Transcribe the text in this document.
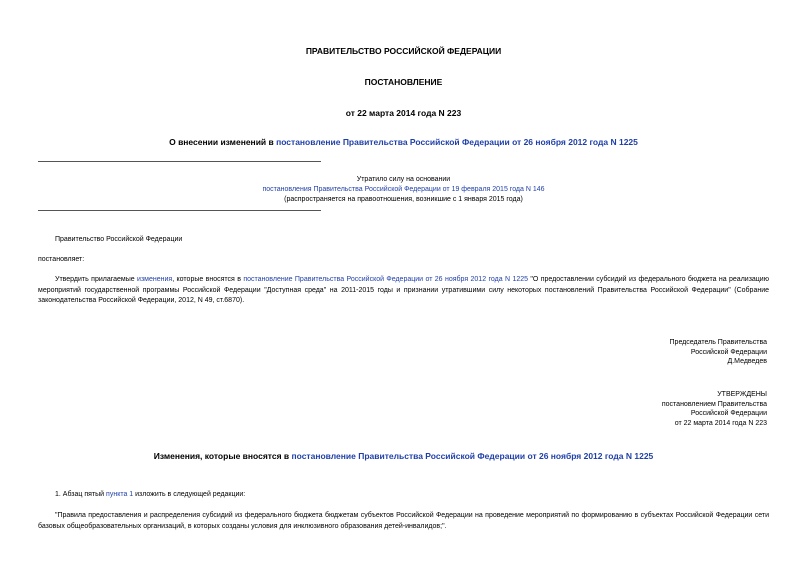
ПРАВИТЕЛЬСТВО РОССИЙСКОЙ ФЕДЕРАЦИИ
ПОСТАНОВЛЕНИЕ
от 22 марта 2014 года N 223
О внесении изменений в постановление Правительства Российской Федерации от 26 ноября 2012 года N 1225
Утратило силу на основании
постановления Правительства Российской Федерации от 19 февраля 2015 года N 146
(распространяется на правоотношения, возникшие с 1 января 2015 года)
Правительство Российской Федерации
постановляет:
Утвердить прилагаемые изменения, которые вносятся в постановление Правительства Российской Федерации от 26 ноября 2012 года N 1225 "О предоставлении субсидий из федерального бюджета на реализацию мероприятий государственной программы Российской Федерации "Доступная среда" на 2011-2015 годы и признании утратившими силу некоторых постановлений Правительства Российской Федерации" (Собрание законодательства Российской Федерации, 2012, N 49, ст.6870).
Председатель Правительства
Российской Федерации
Д.Медведев
УТВЕРЖДЕНЫ
постановлением Правительства
Российской Федерации
от 22 марта 2014 года N 223
Изменения, которые вносятся в постановление Правительства Российской Федерации от 26 ноября 2012 года N 1225
1. Абзац пятый пункта 1 изложить в следующей редакции:
"Правила предоставления и распределения субсидий из федерального бюджета бюджетам субъектов Российской Федерации на проведение мероприятий по формированию в субъектах Российской Федерации сети базовых общеобразовательных организаций, в которых созданы условия для инклюзивного образования детей-инвалидов;".
